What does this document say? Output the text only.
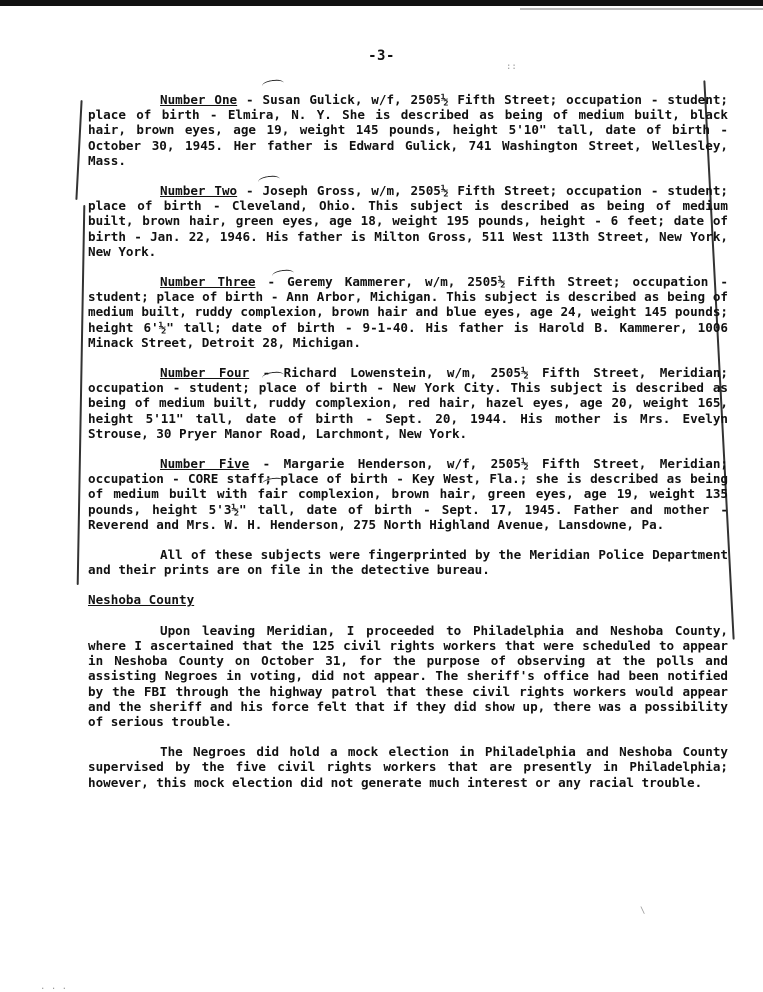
-3-
::
\
. . .

Number One - Susan Gulick, w/f, 2505½ Fifth Street; occupation - student; place of birth - Elmira, N. Y. She is described as being of medium built, black hair, brown eyes, age 19, weight 145 pounds, height 5'10" tall, date of birth - October 30, 1945. Her father is Edward Gulick, 741 Washington Street, Wellesley, Mass.

Number Two - Joseph Gross, w/m, 2505½ Fifth Street; occupation - student; place of birth - Cleveland, Ohio. This subject is described as being of medium built, brown hair, green eyes, age 18, weight 195 pounds, height - 6 feet; date of birth - Jan. 22, 1946. His father is Milton Gross, 511 West 113th Street, New York, New York.

Number Three - Geremy Kammerer, w/m, 2505½ Fifth Street; occupation - student; place of birth - Ann Arbor, Michigan. This subject is described as being of medium built, ruddy complexion, brown hair and blue eyes, age 24, weight 145 pounds; height 6'½" tall; date of birth - 9-1-40. His father is Harold B. Kammerer, 1006 Minack Street, Detroit 28, Michigan.

Number Four - Richard Lowenstein, w/m, 2505½ Fifth Street, Meridian; occupation - student; place of birth - New York City. This subject is described as being of medium built, ruddy complexion, red hair, hazel eyes, age 20, weight 165, height 5'11" tall, date of birth - Sept. 20, 1944. His mother is Mrs. Evelyn Strouse, 30 Pryer Manor Road, Larchmont, New York.

Number Five - Margarie Henderson, w/f, 2505½ Fifth Street, Meridian; occupation - CORE staff; place of birth - Key West, Fla.; she is described as being of medium built with fair complexion, brown hair, green eyes, age 19, weight 135 pounds, height 5'3½" tall, date of birth - Sept. 17, 1945. Father and mother - Reverend and Mrs. W. H. Henderson, 275 North Highland Avenue, Lansdowne, Pa.

All of these subjects were fingerprinted by the Meridian Police Department and their prints are on file in the detective bureau.

Neshoba County

Upon leaving Meridian, I proceeded to Philadelphia and Neshoba County, where I ascertained that the 125 civil rights workers that were scheduled to appear in Neshoba County on October 31, for the purpose of observing at the polls and assisting Negroes in voting, did not appear. The sheriff's office had been notified by the FBI through the highway patrol that these civil rights workers would appear and the sheriff and his force felt that if they did show up, there was a possibility of serious trouble.

The Negroes did hold a mock election in Philadelphia and Neshoba County supervised by the five civil rights workers that are presently in Philadelphia; however, this mock election did not generate much interest or any racial trouble.
